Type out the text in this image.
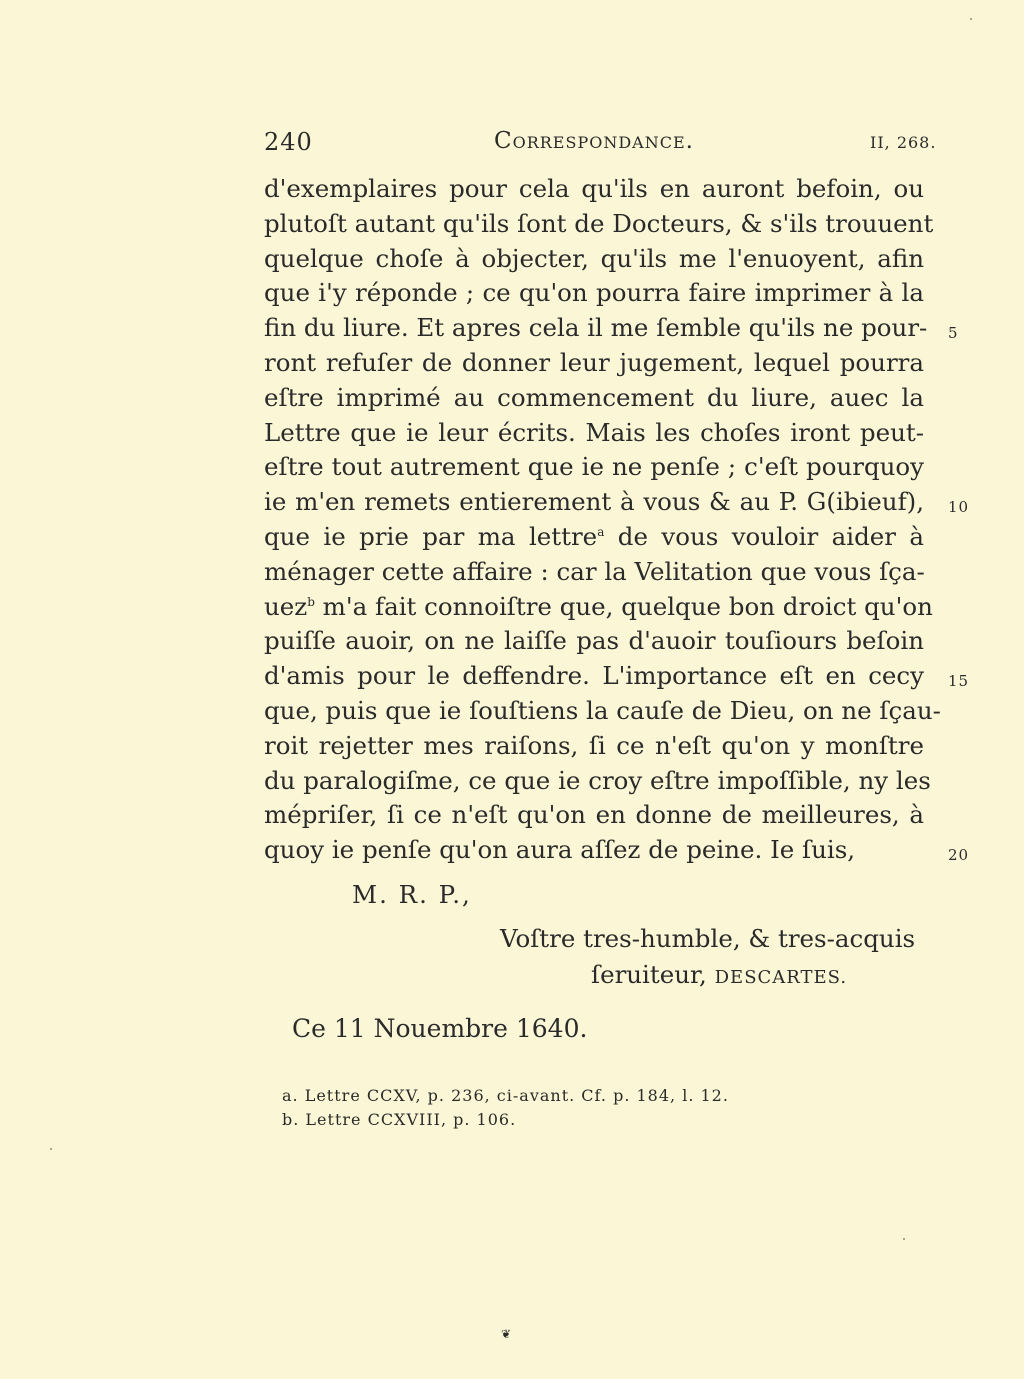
240	Correspondance.	II, 268.
d'exemplaires pour cela qu'ils en auront befoin, ou
plutoſt autant qu'ils ſont de Docteurs, & s'ils trouuent
quelque choſe à objecter, qu'ils me l'enuoyent, afin
que i'y réponde ; ce qu'on pourra faire imprimer à la
fin du liure. Et apres cela il me ſemble qu'ils ne pour-
ront refuſer de donner leur jugement, lequel pourra
eſtre imprimé au commencement du liure, auec la
Lettre que ie leur écrits. Mais les choſes iront peut-
eſtre tout autrement que ie ne penſe ; c'eſt pourquoy
ie m'en remets entierement à vous & au P. G(ibieuf),
que ie prie par ma lettre$^a$ de vous vouloir aider à
ménager cette affaire : car la Velitation que vous ſça-
uez$^b$ m'a fait connoiſtre que, quelque bon droict qu'on
puiſſe auoir, on ne laiſſe pas d'auoir touſiours beſoin
d'amis pour le deffendre. L'importance eſt en cecy
que, puis que ie ſouſtiens la cauſe de Dieu, on ne ſçau-
roit rejetter mes raiſons, ſi ce n'eſt qu'on y monſtre
du paralogiſme, ce que ie croy eſtre impoſſible, ny les
mépriſer, ſi ce n'eſt qu'on en donne de meilleures, à
quoy ie penſe qu'on aura aſſez de peine. Ie ſuis,
5
10
15
20
M. R. P.,
Voſtre tres-humble, & tres-acquis
ſeruiteur, DESCARTES.
Ce 11 Nouembre 1640.
a. Lettre CCXV, p. 236, ci-avant. Cf. p. 184, l. 12.
b. Lettre CCXVIII, p. 106.
❦
